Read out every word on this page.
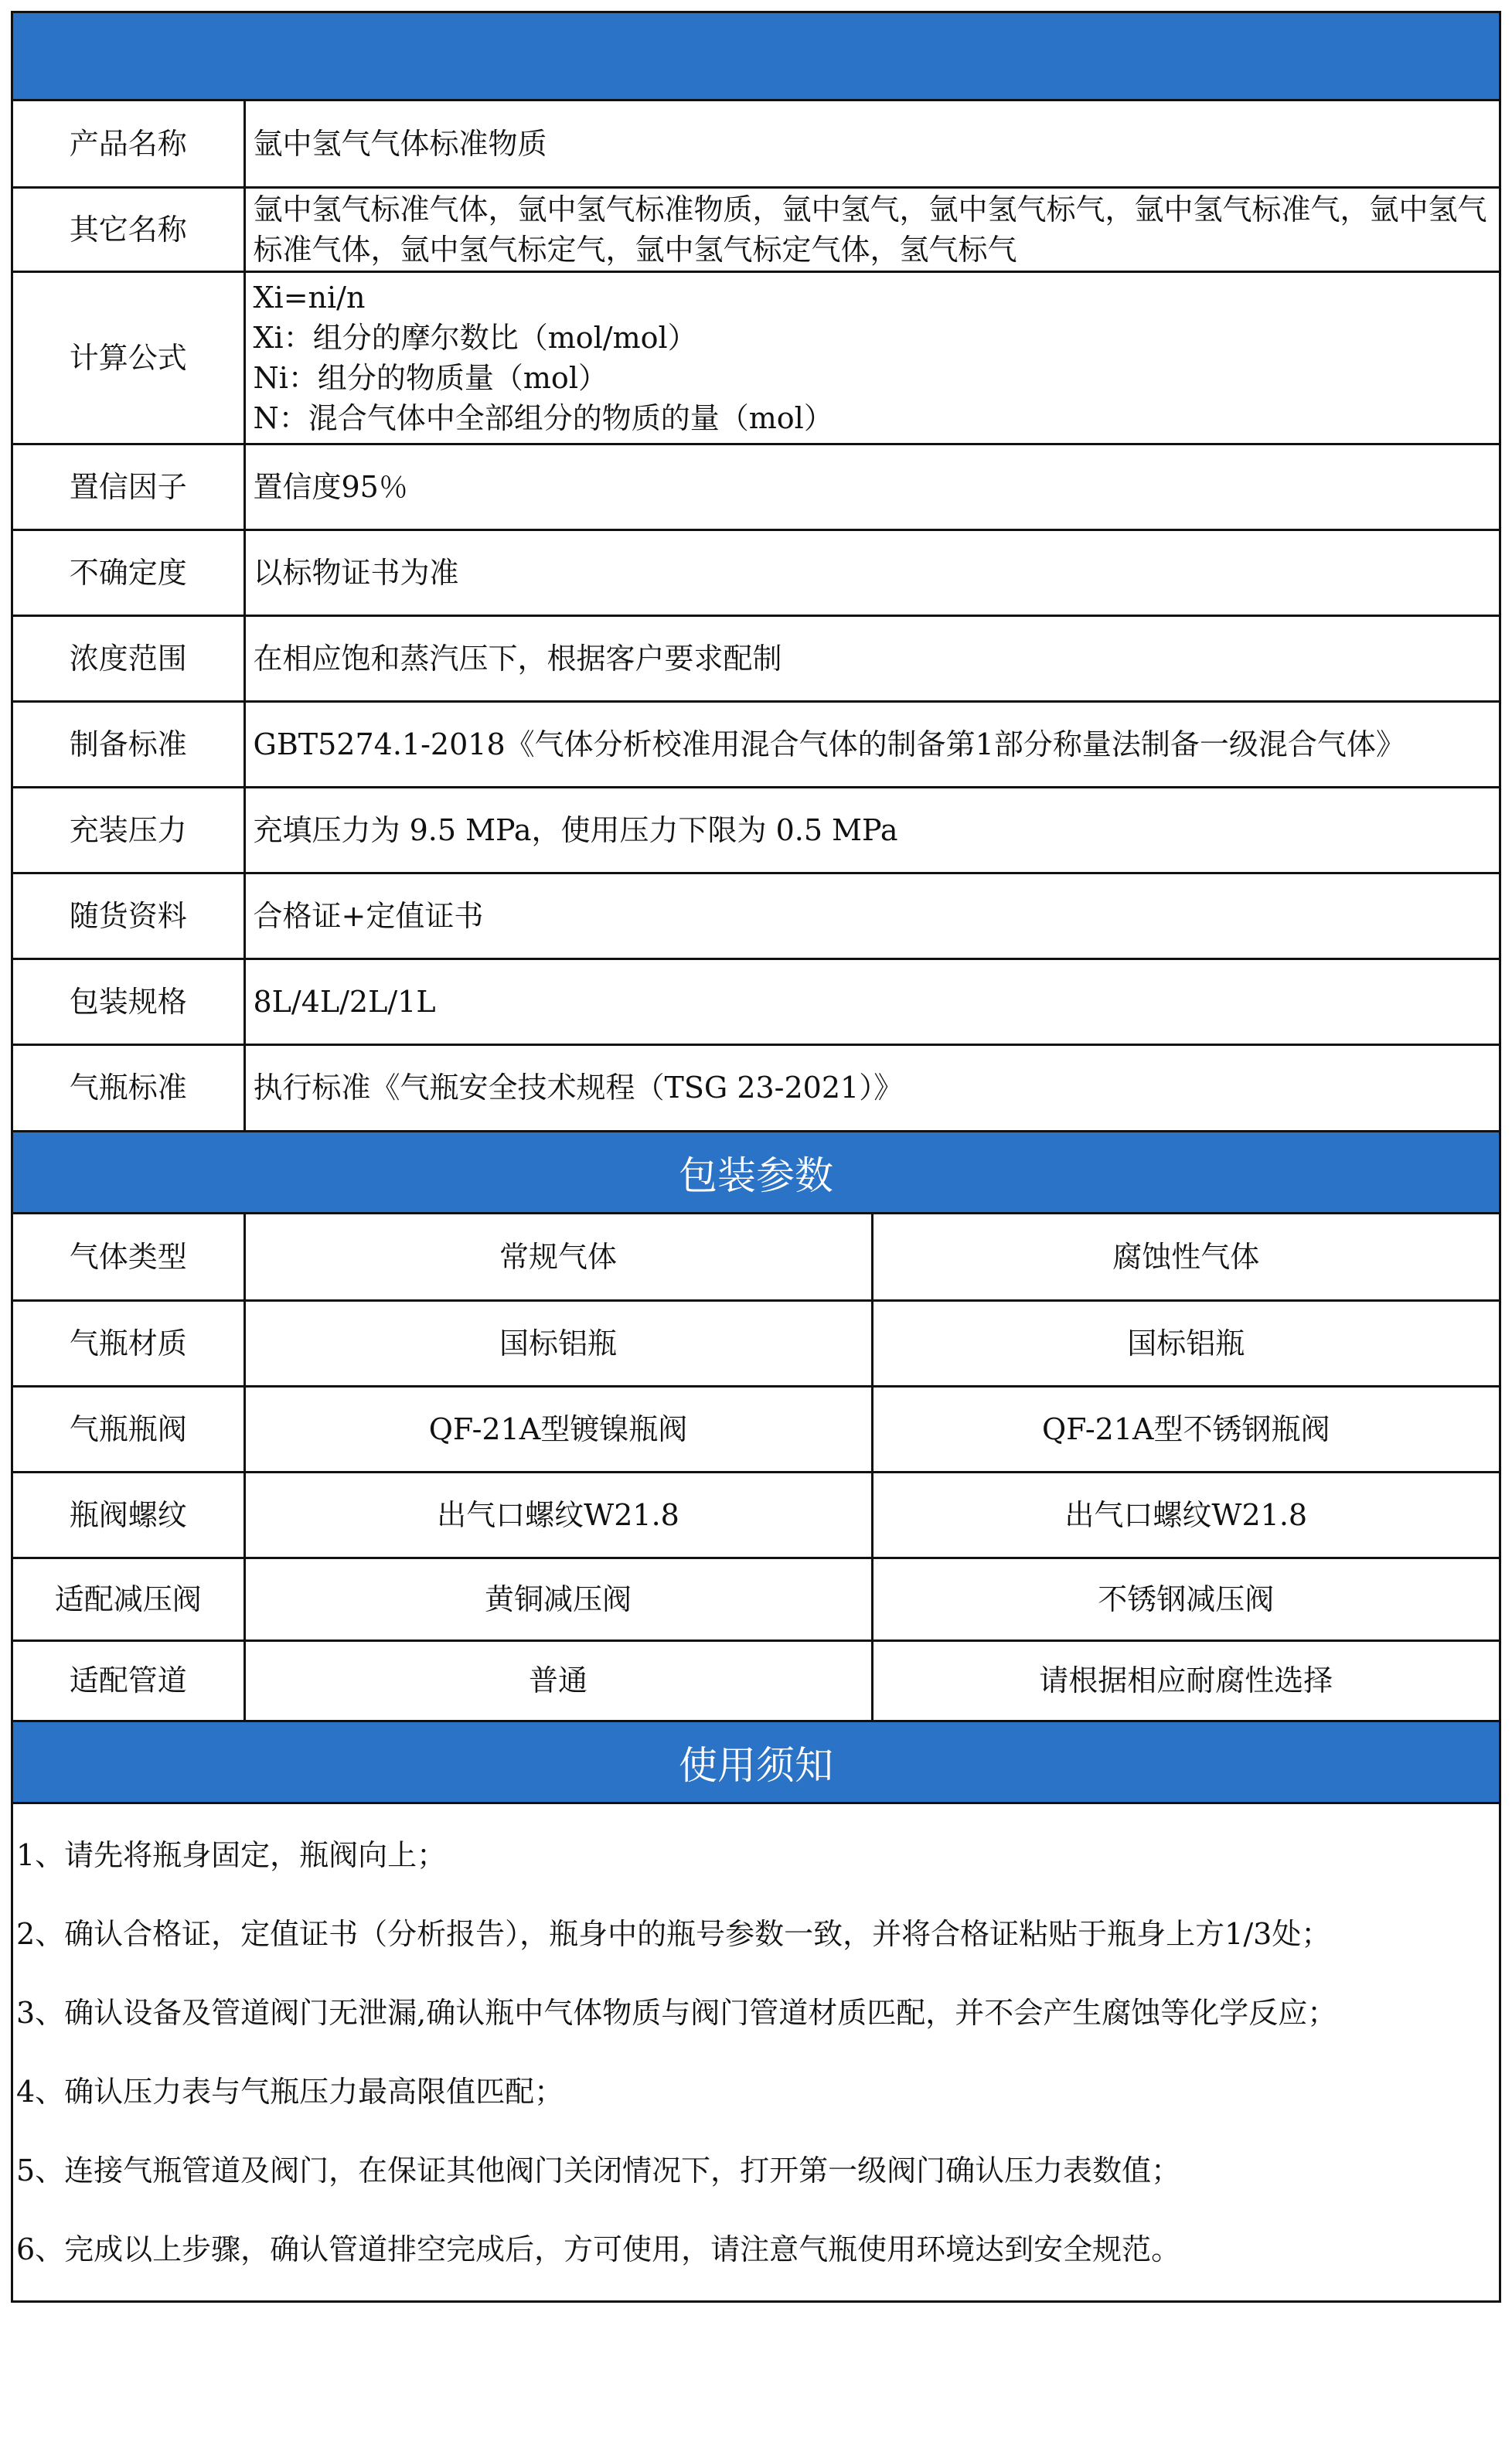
产品名称	氩中氢气气体标准物质
其它名称	氩中氢气标准气体，氩中氢气标准物质，氩中氢气，氩中氢气标气，氩中氢气标准气，氩中氢气标准气体，氩中氢气标定气，氩中氢气标定气体，氢气标气
计算公式	Xi=ni/n
Xi：组分的摩尔数比（mol/mol）
Ni：组分的物质量（mol）
N：混合气体中全部组分的物质的量（mol）

置信因子	置信度95％
不确定度	以标物证书为准
浓度范围	在相应饱和蒸汽压下，根据客户要求配制
制备标准	GBT5274.1-2018《气体分析校准用混合气体的制备第1部分称量法制备一级混合气体》
充装压力	充填压力为 9.5 MPa，使用压力下限为 0.5 MPa
随货资料	合格证+定值证书
包装规格	8L/4L/2L/1L
气瓶标准	执行标准《气瓶安全技术规程（TSG 23-2021）》
包装参数
气体类型	常规气体	腐蚀性气体
气瓶材质	国标铝瓶	国标铝瓶
气瓶瓶阀	QF-21A型镀镍瓶阀	QF-21A型不锈钢瓶阀
瓶阀螺纹	出气口螺纹W21.8	出气口螺纹W21.8
适配减压阀	黄铜减压阀	不锈钢减压阀
适配管道	普通	请根据相应耐腐性选择
使用须知
1、请先将瓶身固定，瓶阀向上；
2、确认合格证，定值证书（分析报告），瓶身中的瓶号参数一致，并将合格证粘贴于瓶身上方1/3处；
3、确认设备及管道阀门无泄漏,确认瓶中气体物质与阀门管道材质匹配，并不会产生腐蚀等化学反应；
4、确认压力表与气瓶压力最高限值匹配；
5、连接气瓶管道及阀门，在保证其他阀门关闭情况下，打开第一级阀门确认压力表数值；
6、完成以上步骤，确认管道排空完成后，方可使用，请注意气瓶使用环境达到安全规范。
